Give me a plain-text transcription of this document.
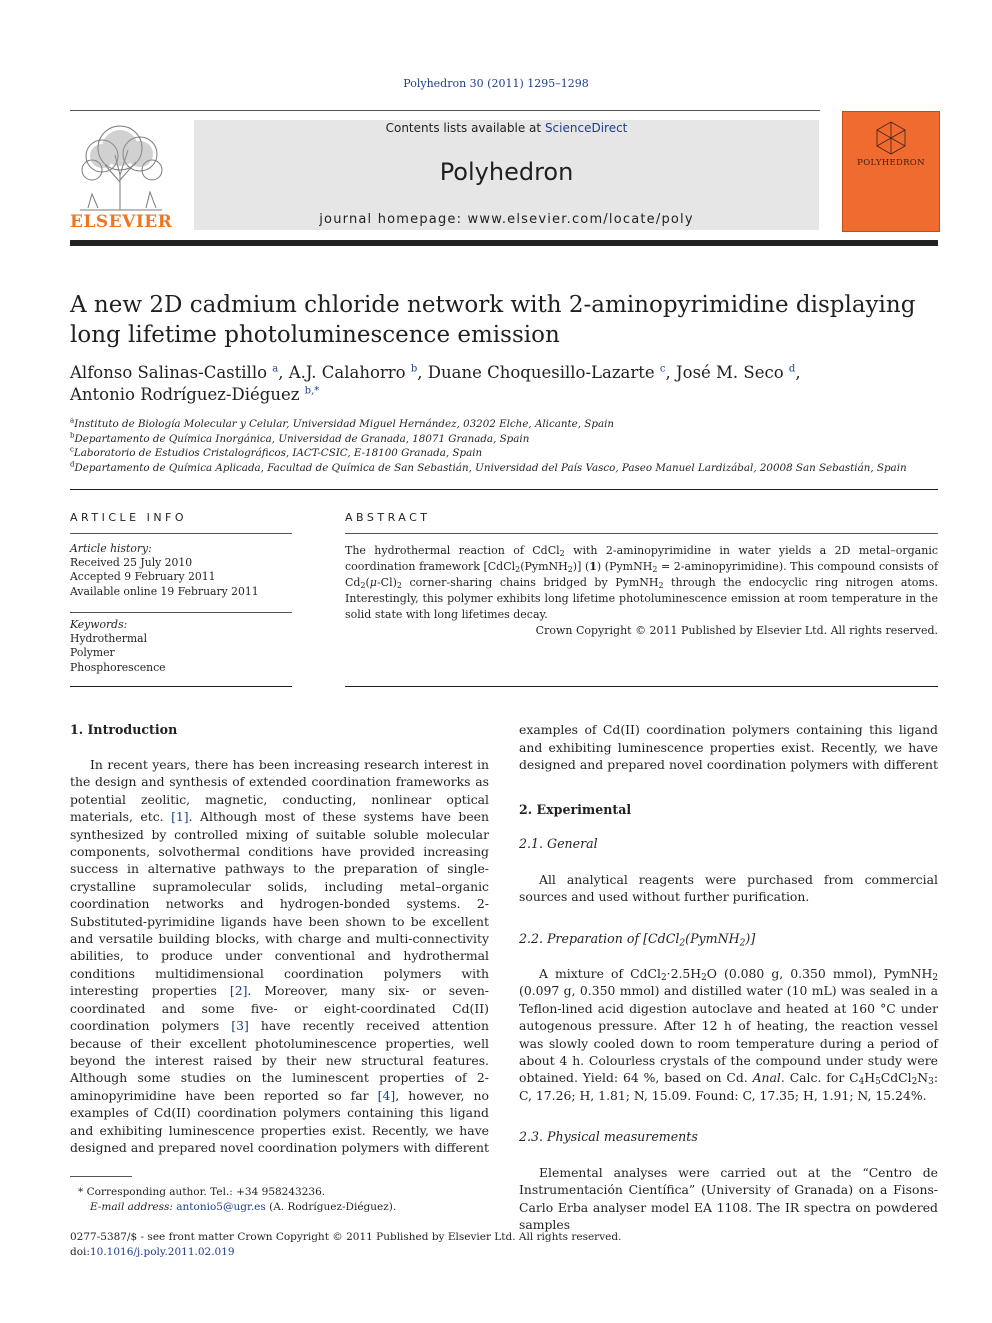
Polyhedron 30 (2011) 1295–1298
ELSEVIER
Contents lists available at ScienceDirect
Polyhedron
journal homepage: www.elsevier.com/locate/poly
POLYHEDRON
A new 2D cadmium chloride network with 2-aminopyrimidine displaying long lifetime photoluminescence emission
Alfonso Salinas-Castillo $^a$, A.J. Calahorro $^b$, Duane Choquesillo-Lazarte $^c$, José M. Seco $^d$,
Antonio Rodríguez-Diéguez $^{b,*}$
$^a$Instituto de Biología Molecular y Celular, Universidad Miguel Hernández, 03202 Elche, Alicante, Spain
$^b$Departamento de Química Inorgánica, Universidad de Granada, 18071 Granada, Spain
$^c$Laboratorio de Estudios Cristalográficos, IACT-CSIC, E-18100 Granada, Spain
$^d$Departamento de Química Aplicada, Facultad de Química de San Sebastián, Universidad del País Vasco, Paseo Manuel Lardizábal, 20008 San Sebastián, Spain
ARTICLE INFO
Article history:
Received 25 July 2010
Accepted 9 February 2011
Available online 19 February 2011
Keywords:
Hydrothermal
Polymer
Phosphorescence
ABSTRACT
The hydrothermal reaction of CdCl$_2$ with 2-aminopyrimidine in water yields a 2D metal–organic coordination framework [CdCl$_2$(PymNH$_2$)] (1) (PymNH$_2$ = 2-aminopyrimidine). This compound consists of $Cd_2(\mu-Cl)_2$ corner-sharing chains bridged by PymNH$_2$ through the endocyclic ring nitrogen atoms. Interestingly, this polymer exhibits long lifetime photoluminescence emission at room temperature in the solid state with long lifetimes decay.
Crown Copyright © 2011 Published by Elsevier Ltd. All rights reserved.
1. Introduction

In recent years, there has been increasing research interest in the design and synthesis of extended coordination frameworks as potential zeolitic, magnetic, conducting, nonlinear optical materials, etc. [1]. Although most of these systems have been synthesized by controlled mixing of suitable soluble molecular components, solvothermal conditions have provided increasing success in alternative pathways to the preparation of single-crystalline supramolecular solids, including metal–organic coordination networks and hydrogen-bonded systems. 2-Substituted-pyrimidine ligands have been shown to be excellent and versatile building blocks, with charge and multi-connectivity abilities, to produce under conventional and hydrothermal conditions multidimensional coordination polymers with interesting properties [2]. Moreover, many six- or seven-coordinated and some five- or eight-coordinated Cd(II) coordination polymers [3] have recently received attention because of their excellent photoluminescence properties, well beyond the interest raised by their new structural features. Although some studies on the luminescent properties of 2-aminopyrimidine have been reported so far [4], however, no examples of Cd(II) coordination polymers containing this ligand and exhibiting luminescence properties exist. Recently, we have designed and prepared novel coordination polymers with different

examples of Cd(II) coordination polymers containing this ligand and exhibiting luminescence properties exist. Recently, we have designed and prepared novel coordination polymers with different

2. Experimental
2.1. General

All analytical reagents were purchased from commercial sources and used without further purification.

2.2. Preparation of [CdCl$_2$(PymNH$_2$)]

A mixture of $CdCl_2\cdot 2.5H_2O$ (0.080 g, 0.350 mmol), PymNH$_2$ (0.097 g, 0.350 mmol) and distilled water (10 mL) was sealed in a Teflon-lined acid digestion autoclave and heated at 160 °C under autogenous pressure. After 12 h of heating, the reaction vessel was slowly cooled down to room temperature during a period of about 4 h. Colourless crystals of the compound under study were obtained. Yield: 64 %, based on Cd. Anal. Calc. for $C_4H_5CdCl_2N_3$: C, 17.26; H, 1.81; N, 15.09. Found: C, 17.35; H, 1.91; N, 15.24%.

2.3. Physical measurements

Elemental analyses were carried out at the “Centro de Instrumentación Científica” (University of Granada) on a Fisons-Carlo Erba analyser model EA 1108. The IR spectra on powdered samples

* Corresponding author. Tel.: +34 958243236.
E-mail address: antonio5@ugr.es (A. Rodríguez-Diéguez).
0277-5387/$ - see front matter Crown Copyright © 2011 Published by Elsevier Ltd. All rights reserved.
doi:10.1016/j.poly.2011.02.019
